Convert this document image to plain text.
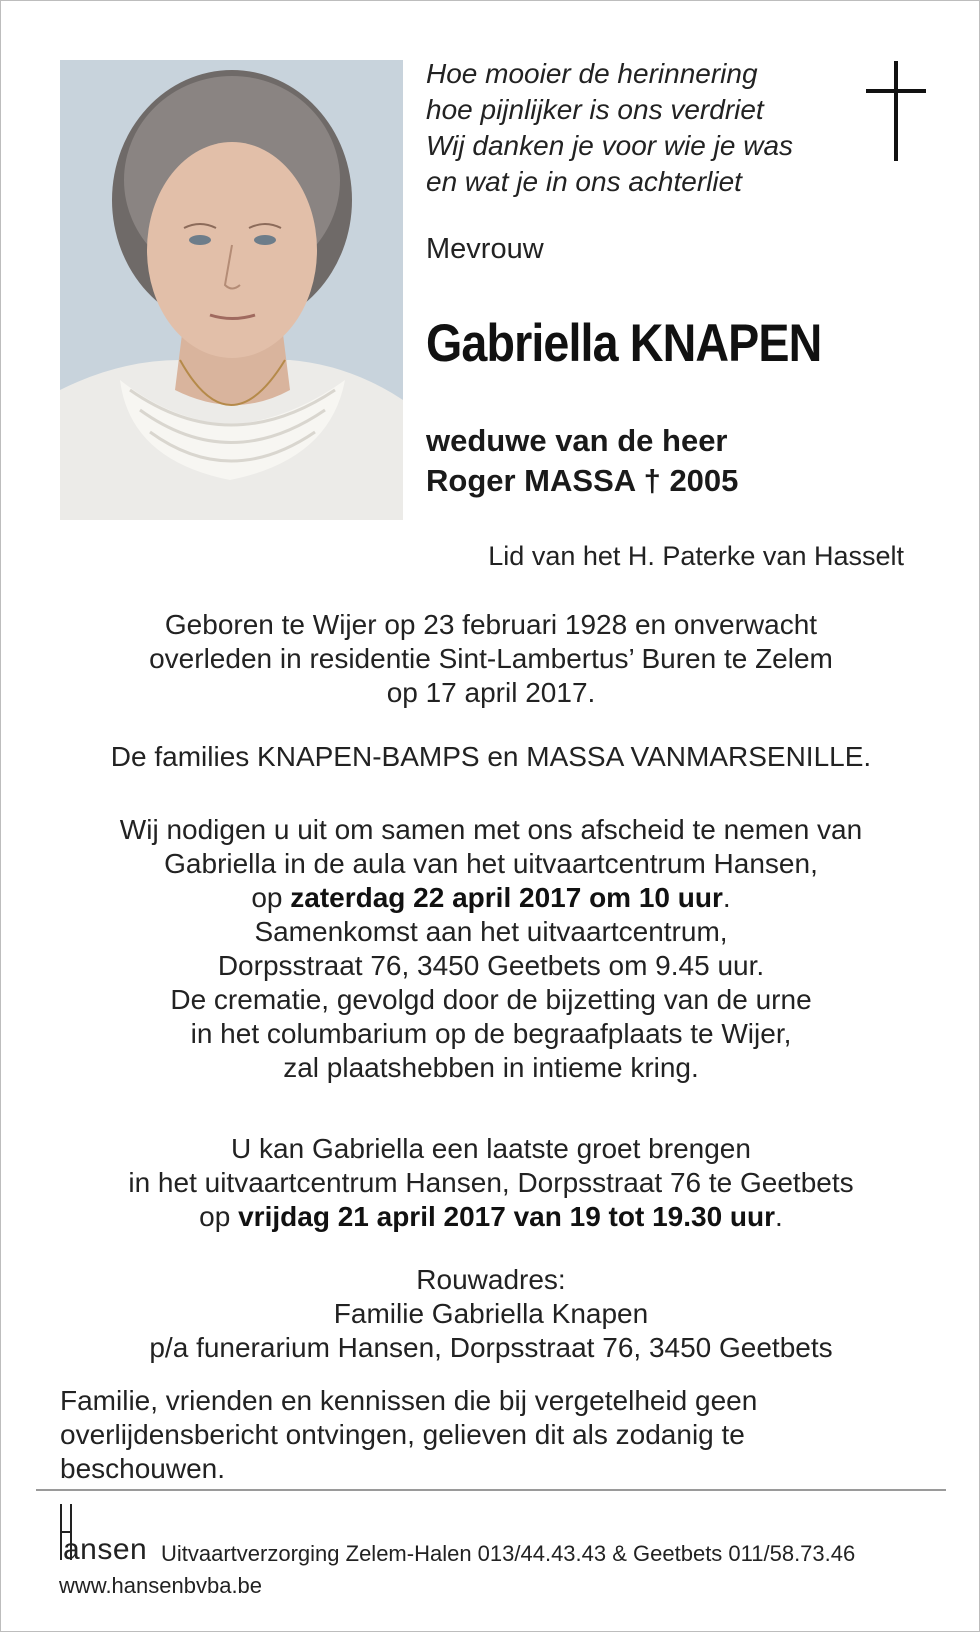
Hoe mooier de herinnering
hoe pijnlijker is ons verdriet
Wij danken je voor wie je was
en wat je in ons achterliet
Mevrouw
Gabriella KNAPEN
weduwe van de heer
Roger MASSA † 2005
Lid van het H. Paterke van Hasselt
Geboren te Wijer op 23 februari 1928 en onverwacht
overleden in residentie Sint-Lambertus’ Buren te Zelem
op 17 april 2017.
De families KNAPEN-BAMPS en MASSA VANMARSENILLE.
Wij nodigen u uit om samen met ons afscheid te nemen van
Gabriella in de aula van het uitvaartcentrum Hansen,
op zaterdag 22 april 2017 om 10 uur.
Samenkomst aan het uitvaartcentrum,
Dorpsstraat 76, 3450 Geetbets om 9.45 uur.
De crematie, gevolgd door de bijzetting van de urne
in het columbarium op de begraafplaats te Wijer,
zal plaatshebben in intieme kring.
U kan Gabriella een laatste groet brengen
in het uitvaartcentrum Hansen, Dorpsstraat 76 te Geetbets
op vrijdag 21 april 2017 van 19 tot 19.30 uur.
Rouwadres:
Familie Gabriella Knapen
p/a funerarium Hansen, Dorpsstraat 76, 3450 Geetbets
Familie, vrienden en kennissen die bij vergetelheid geen
overlijdensbericht ontvingen, gelieven dit als zodanig te
beschouwen.
ansen Uitvaartverzorging Zelem-Halen 013/44.43.43 & Geetbets 011/58.73.46
www.hansenbvba.be
